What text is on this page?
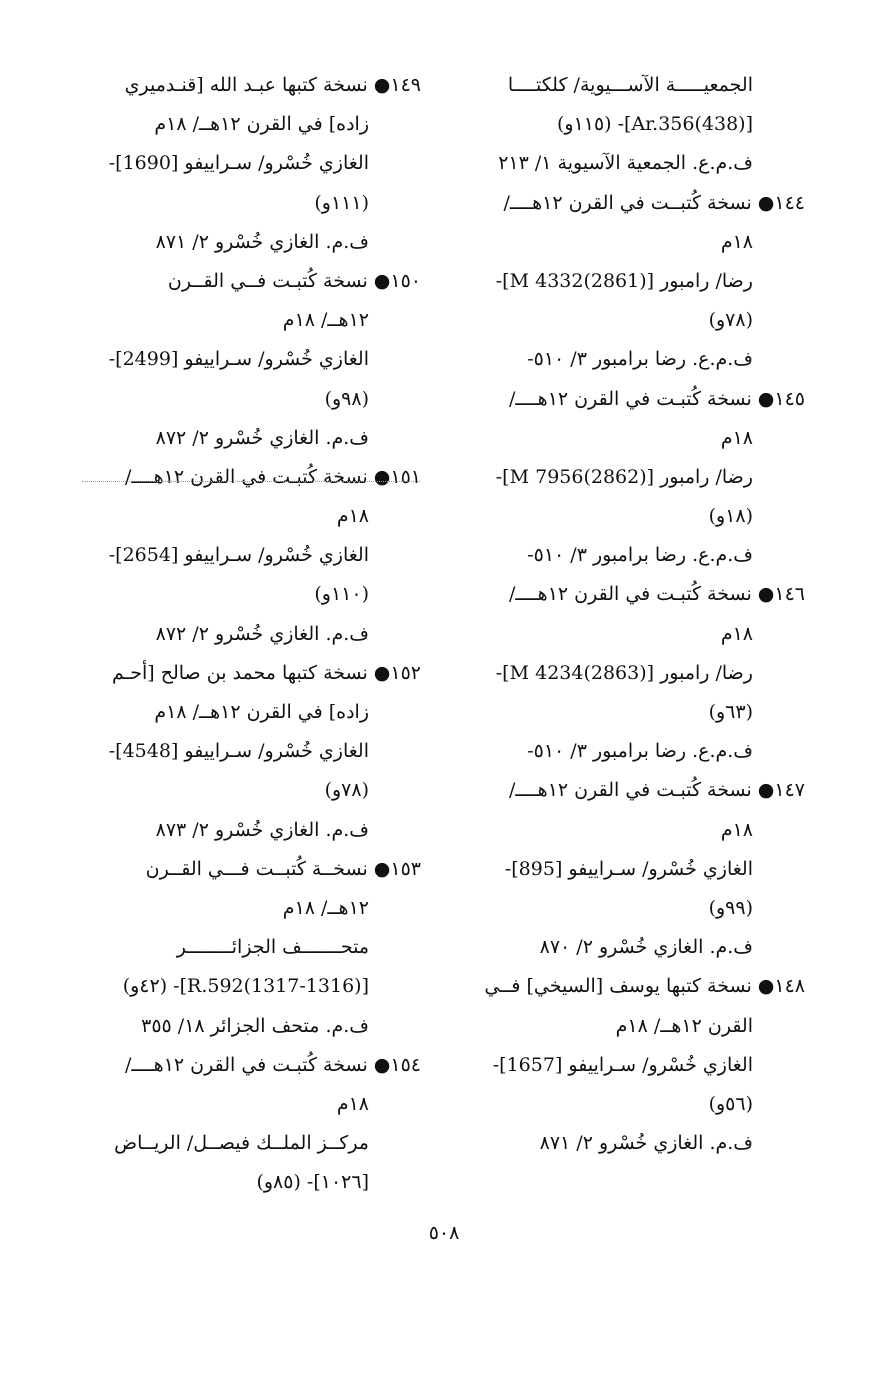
الجمعيـــــة الآســـيوية/ كلكتــــا
[Ar.356(438)]- (١١٥و)
ف.م.ع. الجمعية الآسيوية ١/ ٢١٣
١٤٤● نسخة كُتبــت في القرن ١٢هــــ/
١٨م
رضا/ رامبور [M 4332(2861)]-
(٧٨و)
ف.م.ع. رضا برامبور ٣/ ٥١٠-
١٤٥● نسخة كُتبـت في القرن ١٢هــــ/
١٨م
رضا/ رامبور [M 7956(2862)]-
(١٨و)
ف.م.ع. رضا برامبور ٣/ ٥١٠-
١٤٦● نسخة كُتبـت في القرن ١٢هــــ/
١٨م
رضا/ رامبور [M 4234(2863)]-
(٦٣و)
ف.م.ع. رضا برامبور ٣/ ٥١٠-
١٤٧● نسخة كُتبـت في القرن ١٢هــــ/
١٨م
الغازي خُسْرو/ سـراييفو [895]-
(٩٩و)
ف.م. الغازي خُسْرو ٢/ ٨٧٠
١٤٨● نسخة كتبها يوسف [السيخي] فــي
القرن ١٢هــ/ ١٨م
الغازي خُسْرو/ سـراييفو [1657]-
(٥٦و)
ف.م. الغازي خُسْرو ٢/ ٨٧١
١٤٩● نسخة كتبها عبـد الله [قنـدميري
زاده] في القرن ١٢هــ/ ١٨م
الغازي خُسْرو/ سـراييفو [1690]-
(١١١و)
ف.م. الغازي خُسْرو ٢/ ٨٧١
١٥٠● نسخة كُتبـت فــي القــرن
١٢هــ/ ١٨م
الغازي خُسْرو/ سـراييفو [2499]-
(٩٨و)
ف.م. الغازي خُسْرو ٢/ ٨٧٢
١٥١● نسخة كُتبـت في القرن ١٢هــــ/
١٨م
الغازي خُسْرو/ سـراييفو [2654]-
(١١٠و)
ف.م. الغازي خُسْرو ٢/ ٨٧٢
١٥٢● نسخة كتبها محمد بن صالح [أحـم
زاده] في القرن ١٢هــ/ ١٨م
الغازي خُسْرو/ سـراييفو [4548]-
(٧٨و)
ف.م. الغازي خُسْرو ٢/ ٨٧٣
١٥٣● نسخــة كُتبــت فـــي القــرن
١٢هــ/ ١٨م
متحـــــــف الجزائــــــــر
[R.592(1317-1316)]- (٤٢و)
ف.م. متحف الجزائر ١٨/ ٣٥٥
١٥٤● نسخة كُتبـت في القرن ١٢هــــ/
١٨م
مركــز الملــك فيصــل/ الريــاض
[١٠٢٦]- (٨٥و)
٥٠٨
